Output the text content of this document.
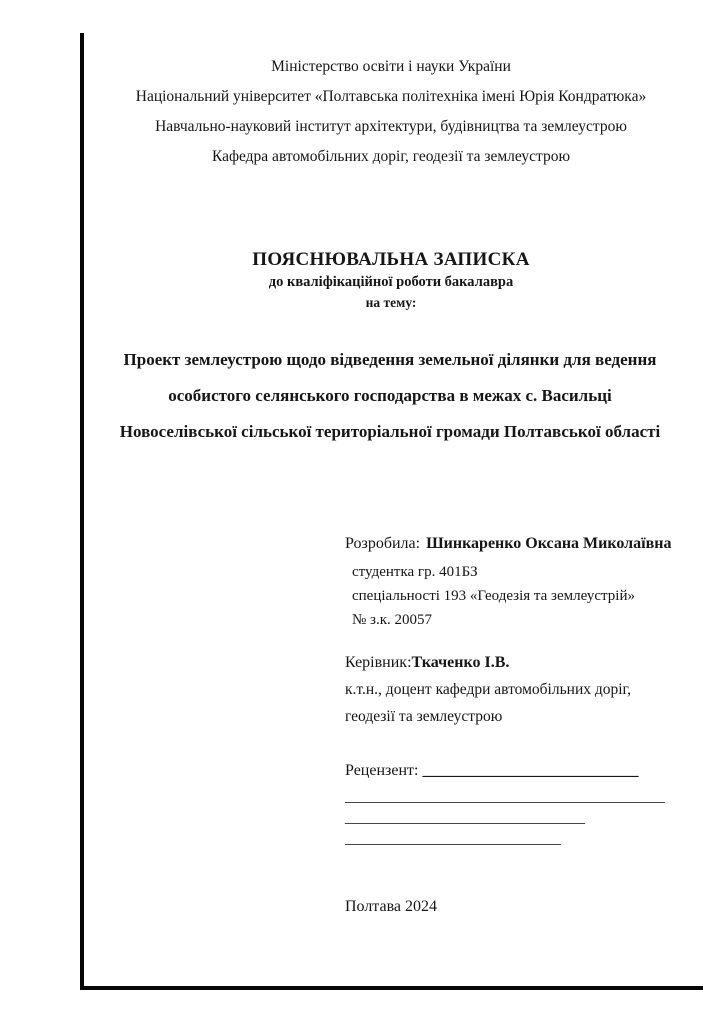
Міністерство освіти і науки України
Національний університет «Полтавська політехніка імені Юрія Кондратюка»
Навчально-науковий інститут архітектури, будівництва та землеустрою
Кафедра автомобільних доріг, геодезії та землеустрою
ПОЯСНЮВАЛЬНА ЗАПИСКА
до кваліфікаційної роботи бакалавра
на тему:
Проект землеустрою щодо відведення земельної ділянки для ведення особистого селянського господарства в межах с. Васильці Новоселівської сільської територіальної громади Полтавської області
Розробила: Шинкаренко Оксана Миколаївна
студентка гр. 401БЗ
спеціальності 193 «Геодезія та землеустрій»
№ з.к. 20057
Керівник:Ткаченко І.В.
к.т.н., доцент кафедри автомобільних доріг, геодезії та землеустрою
Рецензент: ___________________________
________________________________________
______________________________
___________________________
Полтава 2024
